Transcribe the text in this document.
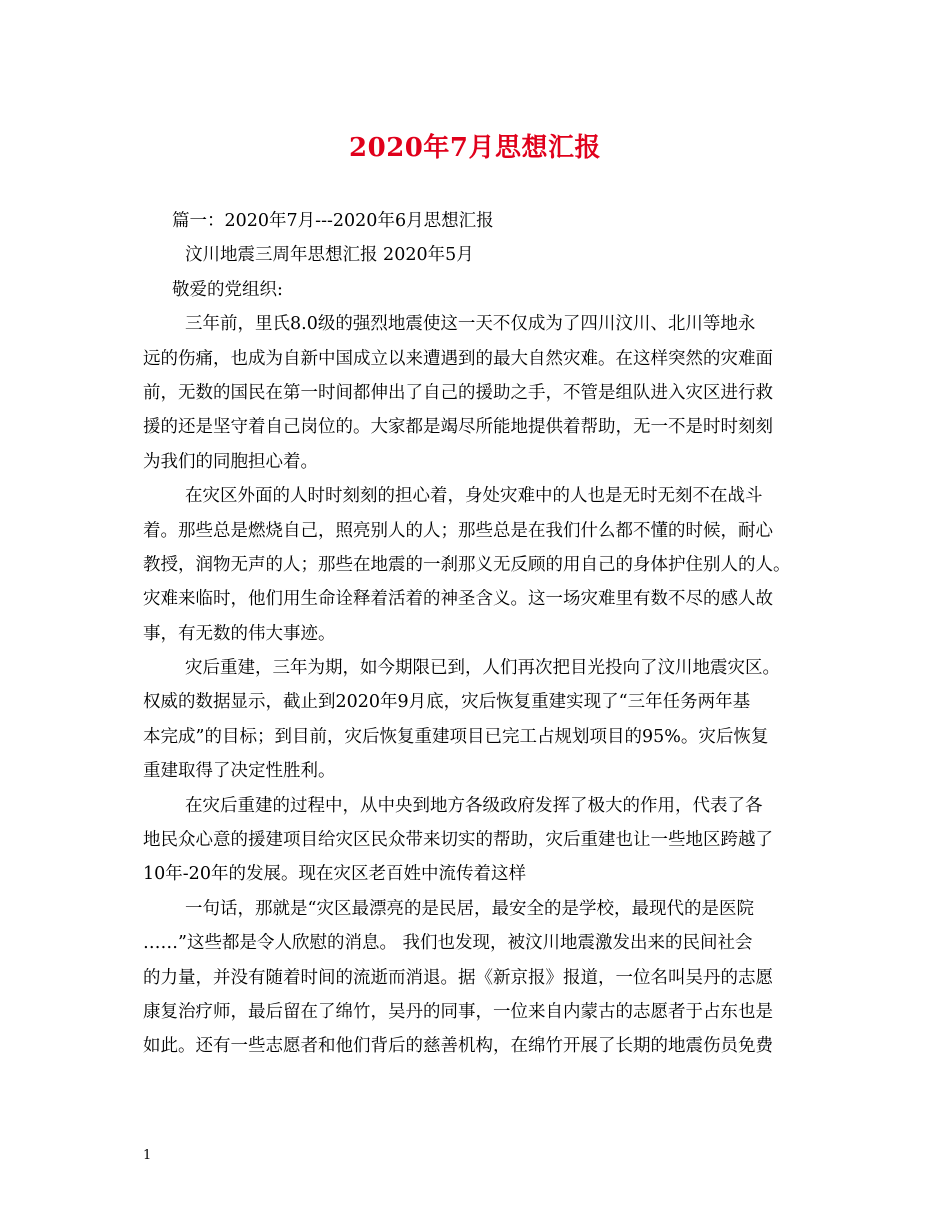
2020年7月思想汇报
篇一：2020年7月---2020年6月思想汇报
汶川地震三周年思想汇报 2020年5月
敬爱的党组织:
三年前，里氏8.0级的强烈地震使这一天不仅成为了四川汶川、北川等地永
远的伤痛，也成为自新中国成立以来遭遇到的最大自然灾难。在这样突然的灾难面
前，无数的国民在第一时间都伸出了自己的援助之手，不管是组队进入灾区进行救
援的还是坚守着自己岗位的。大家都是竭尽所能地提供着帮助，无一不是时时刻刻
为我们的同胞担心着。
在灾区外面的人时时刻刻的担心着，身处灾难中的人也是无时无刻不在战斗
着。那些总是燃烧自己，照亮别人的人；那些总是在我们什么都不懂的时候，耐心
教授，润物无声的人；那些在地震的一刹那义无反顾的用自己的身体护住别人的人。
灾难来临时，他们用生命诠释着活着的神圣含义。这一场灾难里有数不尽的感人故
事，有无数的伟大事迹。
灾后重建，三年为期，如今期限已到，人们再次把目光投向了汶川地震灾区。
权威的数据显示，截止到2020年9月底，灾后恢复重建实现了“三年任务两年基
本完成”的目标；到目前，灾后恢复重建项目已完工占规划项目的95%。灾后恢复
重建取得了决定性胜利。
在灾后重建的过程中，从中央到地方各级政府发挥了极大的作用，代表了各
地民众心意的援建项目给灾区民众带来切实的帮助，灾后重建也让一些地区跨越了
10年-20年的发展。现在灾区老百姓中流传着这样
一句话，那就是“灾区最漂亮的是民居，最安全的是学校，最现代的是医院
……”这些都是令人欣慰的消息。 我们也发现，被汶川地震激发出来的民间社会
的力量，并没有随着时间的流逝而消退。据《新京报》报道，一位名叫吴丹的志愿
康复治疗师，最后留在了绵竹，吴丹的同事，一位来自内蒙古的志愿者于占东也是
如此。还有一些志愿者和他们背后的慈善机构，在绵竹开展了长期的地震伤员免费
1
